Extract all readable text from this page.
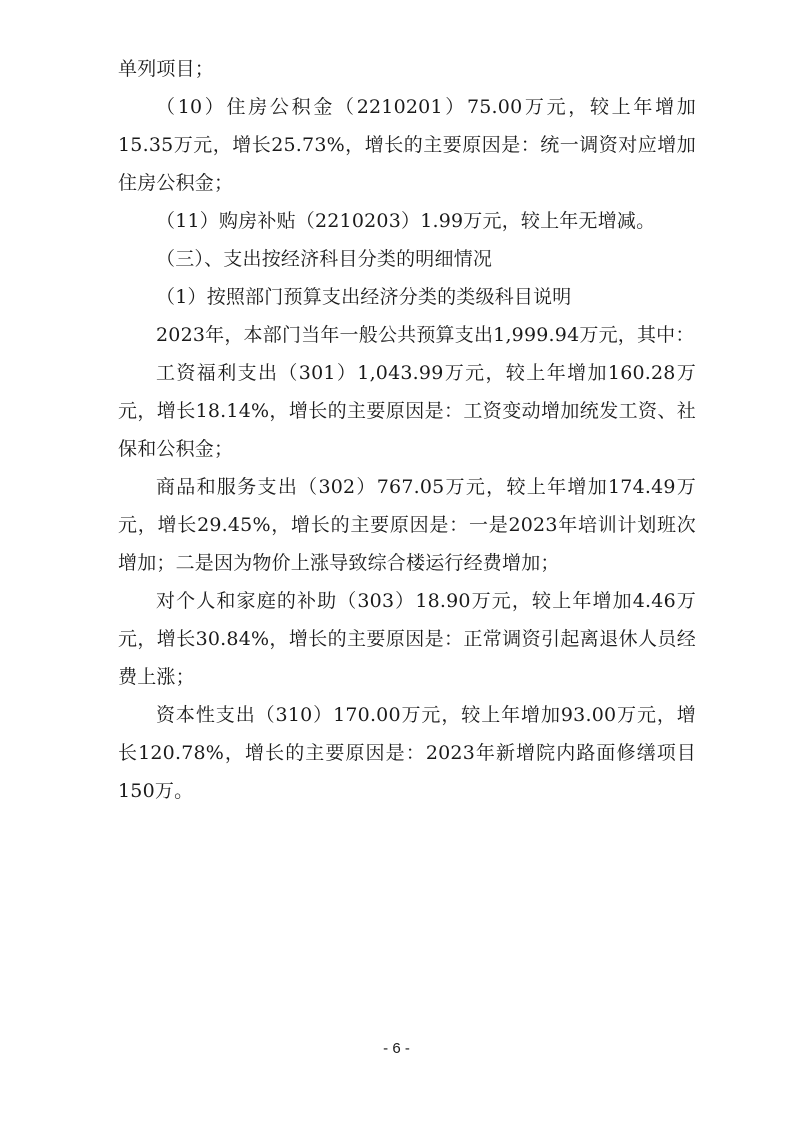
单列项目；

（10）住房公积金（2210201）75.00万元，较上年增加15.35万元，增长25.73%，增长的主要原因是：统一调资对应增加住房公积金；

（11）购房补贴（2210203）1.99万元，较上年无增减。

（三）、支出按经济科目分类的明细情况

（1）按照部门预算支出经济分类的类级科目说明

2023年，本部门当年一般公共预算支出1,999.94万元，其中：

工资福利支出（301）1,043.99万元，较上年增加160.28万元，增长18.14%，增长的主要原因是：工资变动增加统发工资、社保和公积金；

商品和服务支出（302）767.05万元，较上年增加174.49万元，增长29.45%，增长的主要原因是：一是2023年培训计划班次增加；二是因为物价上涨导致综合楼运行经费增加；

对个人和家庭的补助（303）18.90万元，较上年增加4.46万元，增长30.84%，增长的主要原因是：正常调资引起离退休人员经费上涨；

资本性支出（310）170.00万元，较上年增加93.00万元，增长120.78%，增长的主要原因是：2023年新增院内路面修缮项目150万。

- 6 -
